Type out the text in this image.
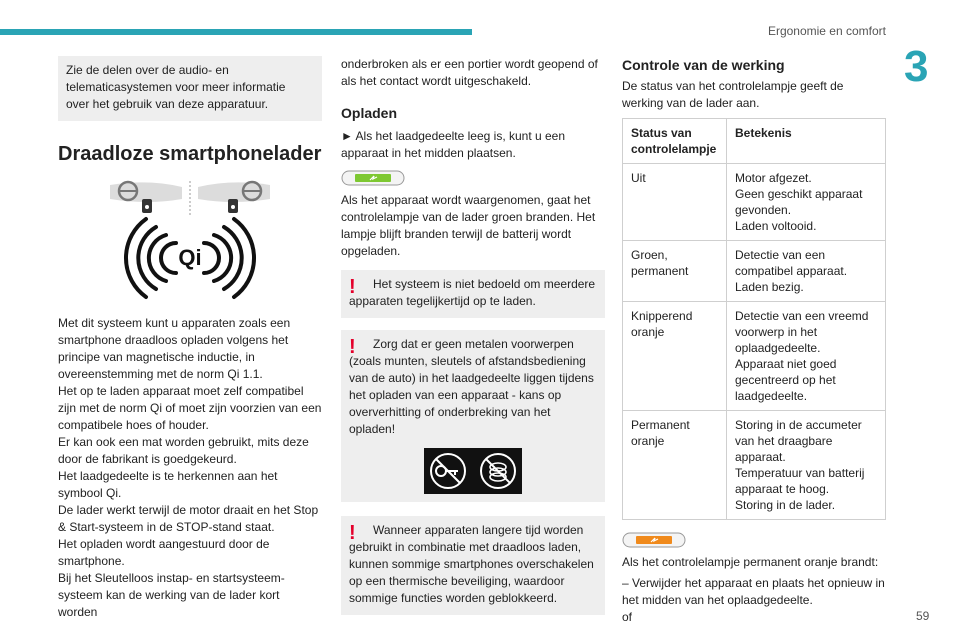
Ergonomie en comfort
3

Zie de delen over de audio- en telematicasystemen voor meer informatie over het gebruik van deze apparatuur.

Draadloze smartphonelader
Qi

Met dit systeem kunt u apparaten zoals een smartphone draadloos opladen volgens het principe van magnetische inductie, in overeenstemming met de norm Qi 1.1.

Het op te laden apparaat moet zelf compatibel zijn met de norm Qi of moet zijn voorzien van een compatibele hoes of houder.

Er kan ook een mat worden gebruikt, mits deze door de fabrikant is goedgekeurd.

Het laadgedeelte is te herkennen aan het symbool Qi.

De lader werkt terwijl de motor draait en het Stop & Start-systeem in de STOP-stand staat.

Het opladen wordt aangestuurd door de smartphone.

Bij het Sleutelloos instap- en startsysteem-systeem kan de werking van de lader kort worden

onderbroken als er een portier wordt geopend of als het contact wordt uitgeschakeld.

Opladen

► Als het laadgedeelte leeg is, kunt u een apparaat in het midden plaatsen.

Als het apparaat wordt waargenomen, gaat het controlelampje van de lader groen branden. Het lampje blijft branden terwijl de batterij wordt opgeladen.

!	Het systeem is niet bedoeld om meerdere apparaten tegelijkertijd op te laden.

!	Zorg dat er geen metalen voorwerpen (zoals munten, sleutels of afstandsbediening van de auto) in het laadgedeelte liggen tijdens het opladen van een apparaat - kans op oververhitting of onderbreking van het opladen!

!	Wanneer apparaten langere tijd worden gebruikt in combinatie met draadloos laden, kunnen sommige smartphones overschakelen op een thermische beveiliging, waardoor sommige functies worden geblokkeerd.

Controle van de werking

De status van het controlelampje geeft de werking van de lader aan.

Status van controlelampje	Betekenis
Uit	Motor afgezet.
Geen geschikt apparaat gevonden.
Laden voltooid.

Groen, permanent	Detectie van een compatibel apparaat.
Laden bezig.

Knipperend oranje	Detectie van een vreemd voorwerp in het oplaadgedeelte.
Apparaat niet goed gecentreerd op het laadgedeelte.

Permanent oranje	Storing in de accumeter van het draagbare apparaat.
Temperatuur van batterij apparaat te hoog.
Storing in de lader.

Als het controlelampje permanent oranje brandt:

– Verwijder het apparaat en plaats het opnieuw in het midden van het oplaadgedeelte.

of	59
